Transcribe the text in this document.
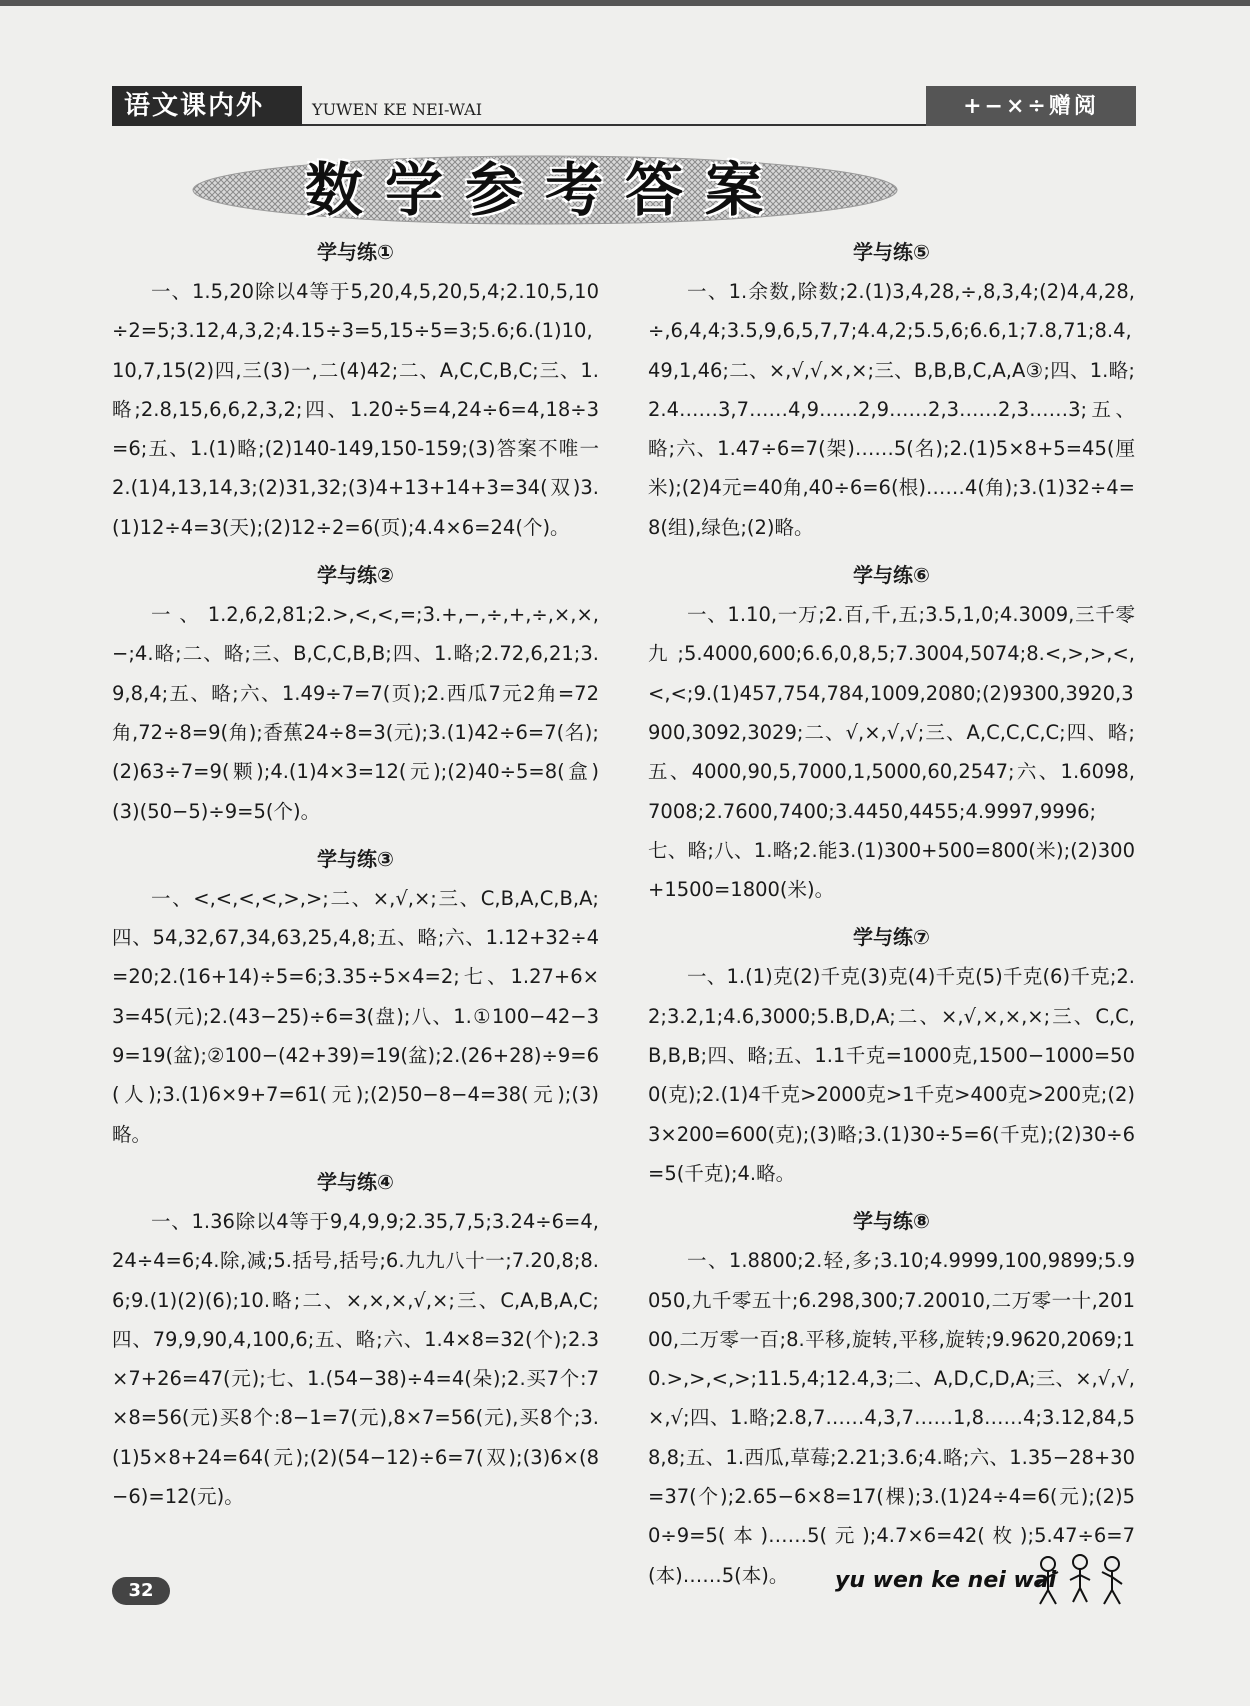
语文课内外	YUWEN KE NEI-WAI	+−×÷赠阅
数学参考答案

学与练①

一、1.5,20除以4等于5,20,4,5,20,5,4;2.10,5,10÷2=5;3.12,4,3,2;4.15÷3=5,15÷5=3;5.6;6.(1)10,10,7,15(2)四,三(3)一,二(4)42;二、A,C,C,B,C;三、1.略;2.8,15,6,6,2,3,2;四、1.20÷5=4,24÷6=4,18÷3=6;五、1.(1)略;(2)140-149,150-159;(3)答案不唯一2.(1)4,13,14,3;(2)31,32;(3)4+13+14+3=34(双)3.(1)12÷4=3(天);(2)12÷2=6(页);4.4×6=24(个)。

学与练②

一、1.2,6,2,81;2.>,<,<,=;3.+,−,÷,+,÷,×,×,−;4.略;二、略;三、B,C,C,B,B;四、1.略;2.72,6,21;3.9,8,4;五、略;六、1.49÷7=7(页);2.西瓜7元2角=72角,72÷8=9(角);香蕉24÷8=3(元);3.(1)42÷6=7(名);(2)63÷7=9(颗);4.(1)4×3=12(元);(2)40÷5=8(盒)(3)(50−5)÷9=5(个)。

学与练③

一、<,<,<,<,>,>;二、×,√,×;三、C,B,A,C,B,A;四、54,32,67,34,63,25,4,8;五、略;六、1.12+32÷4=20;2.(16+14)÷5=6;3.35÷5×4=2;七、1.27+6×3=45(元);2.(43−25)÷6=3(盘);八、1.①100−42−39=19(盆);②100−(42+39)=19(盆);2.(26+28)÷9=6(人);3.(1)6×9+7=61(元);(2)50−8−4=38(元);(3)略。

学与练④

一、1.36除以4等于9,4,9,9;2.35,7,5;3.24÷6=4,24÷4=6;4.除,减;5.括号,括号;6.九九八十一;7.20,8;8.6;9.(1)(2)(6);10.略;二、×,×,×,√,×;三、C,A,B,A,C;四、79,9,90,4,100,6;五、略;六、1.4×8=32(个);2.3×7+26=47(元);七、1.(54−38)÷4=4(朵);2.买7个:7×8=56(元)买8个:8−1=7(元),8×7=56(元),买8个;3.(1)5×8+24=64(元);(2)(54−12)÷6=7(双);(3)6×(8−6)=12(元)。

学与练⑤

一、1.余数,除数;2.(1)3,4,28,÷,8,3,4;(2)4,4,28,÷,6,4,4;3.5,9,6,5,7,7;4.4,2;5.5,6;6.6,1;7.8,71;8.4,49,1,46;二、×,√,√,×,×;三、B,B,B,C,A,A③;四、1.略;2.4……3,7……4,9……2,9……2,3……2,3……3;五、略;六、1.47÷6=7(架)……5(名);2.(1)5×8+5=45(厘米);(2)4元=40角,40÷6=6(根)……4(角);3.(1)32÷4=8(组),绿色;(2)略。

学与练⑥

一、1.10,一万;2.百,千,五;3.5,1,0;4.3009,三千零九;5.4000,600;6.6,0,8,5;7.3004,5074;8.<,>,>,<,<,<;9.(1)457,754,784,1009,2080;(2)9300,3920,3900,3092,3029;二、√,×,√,√;三、A,C,C,C,C;四、略;五、4000,90,5,7000,1,5000,60,2547;六、1.6098,7008;2.7600,7400;3.4450,4455;4.9997,9996;七、略;八、1.略;2.能3.(1)300+500=800(米);(2)300+1500=1800(米)。

学与练⑦

一、1.(1)克(2)千克(3)克(4)千克(5)千克(6)千克;2.2;3.2,1;4.6,3000;5.B,D,A;二、×,√,×,×,×;三、C,C,B,B,B;四、略;五、1.1千克=1000克,1500−1000=500(克);2.(1)4千克>2000克>1千克>400克>200克;(2)3×200=600(克);(3)略;3.(1)30÷5=6(千克);(2)30÷6=5(千克);4.略。

学与练⑧

一、1.8800;2.轻,多;3.10;4.9999,100,9899;5.9050,九千零五十;6.298,300;7.20010,二万零一十,20100,二万零一百;8.平移,旋转,平移,旋转;9.9620,2069;10.>,>,<,>;11.5,4;12.4,3;二、A,D,C,D,A;三、×,√,√,×,√;四、1.略;2.8,7……4,3,7……1,8……4;3.12,84,58,8;五、1.西瓜,草莓;2.21;3.6;4.略;六、1.35−28+30=37(个);2.65−6×8=17(棵);3.(1)24÷4=6(元);(2)50÷9=5(本)……5(元);4.7×6=42(枚);5.47÷6=7(本)……5(本)。

32	yu wen ke nei wai
